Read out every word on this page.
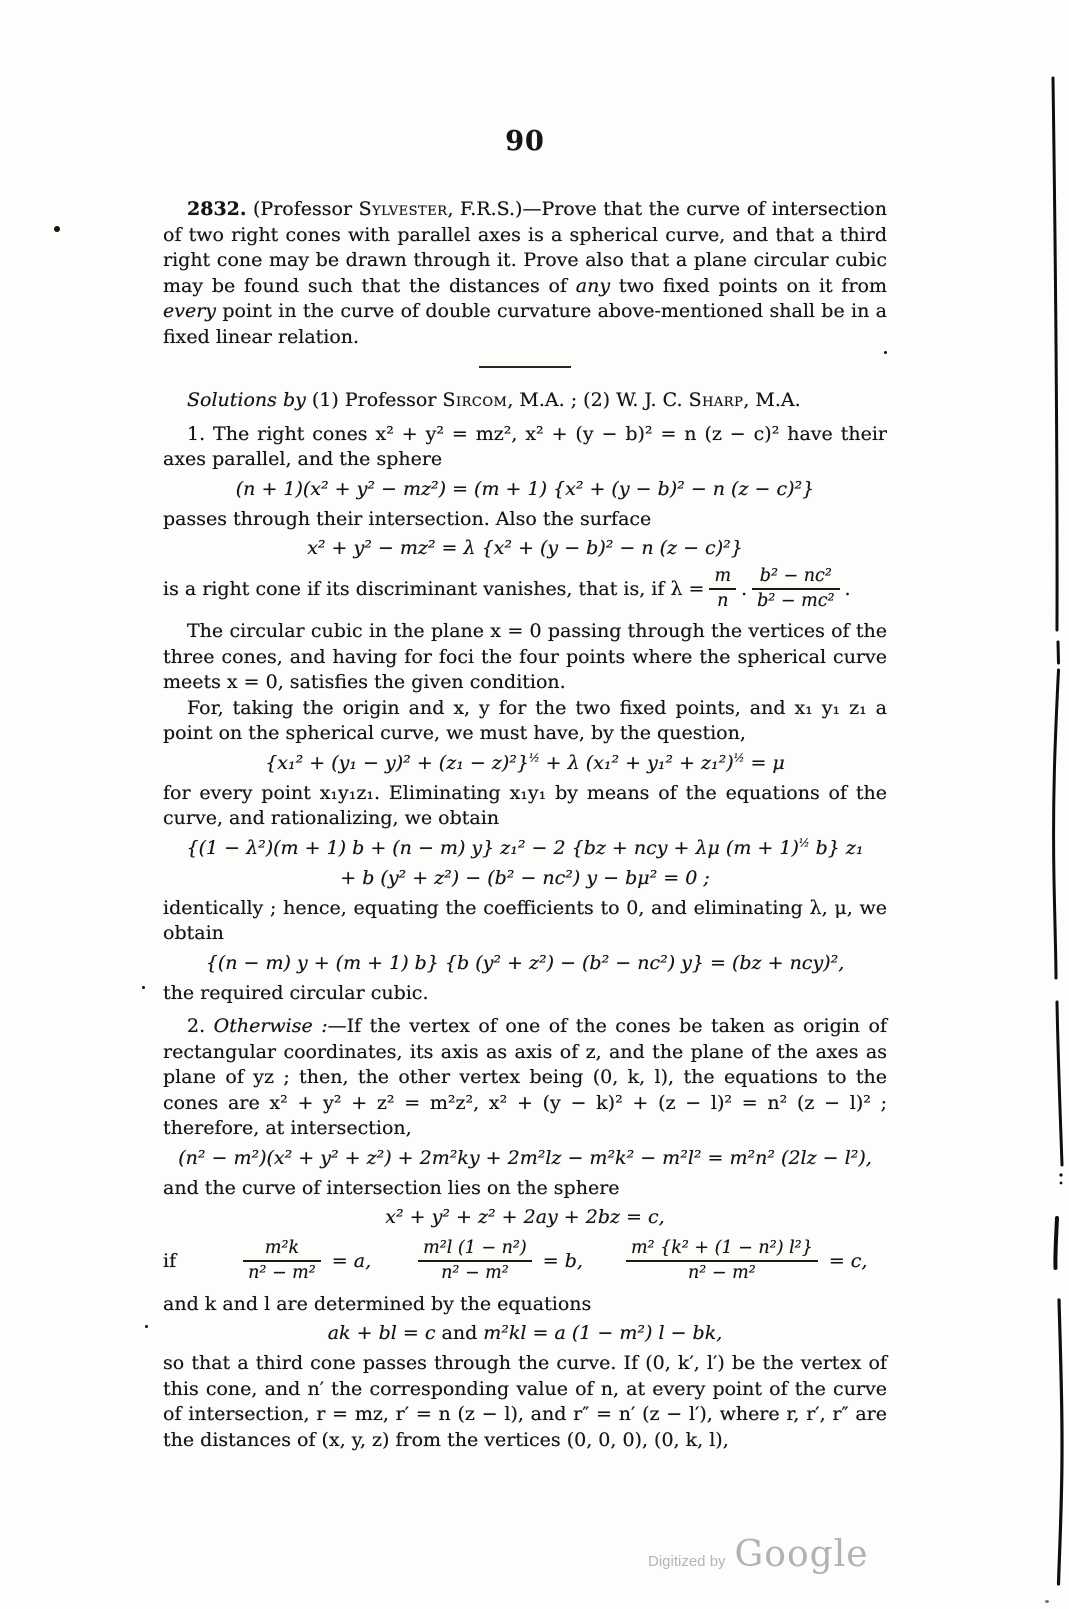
90

2832. (Professor Sylvester, F.R.S.)—Prove that the curve of intersection of two right cones with parallel axes is a spherical curve, and that a third right cone may be drawn through it. Prove also that a plane circular cubic may be found such that the distances of any two fixed points on it from every point in the curve of double curvature above-mentioned shall be in a fixed linear relation.

Solutions by (1) Professor Sircom, M.A. ; (2) W. J. C. Sharp, M.A.

1. The right cones x² + y² = mz², x² + (y − b)² = n (z − c)² have their axes parallel, and the sphere

(n + 1)(x² + y² − mz²) = (m + 1) {x² + (y − b)² − n (z − c)²}

passes through their intersection. Also the surface

x² + y² − mz² = λ {x² + (y − b)² − n (z − c)²}
is a right cone if its discriminant vanishes, that is, if $\lambda = \frac{m}{n}$ . $\frac{\text{b² − nc²}}{\text{b² − mc²}}$ .

The circular cubic in the plane x = 0 passing through the vertices of the three cones, and having for foci the four points where the spherical curve meets x = 0, satisfies the given condition.

For, taking the origin and x, y for the two fixed points, and x₁ y₁ z₁ a point on the spherical curve, we must have, by the question,

$\{x_1^2 + (y_1 - y)^2 + (z_1 - z)^2\}^{\frac{1}{2}} + \lambda$ $(x_1^2 + y_1^2 + z_1^2)^{\frac{1}{2}} = \mu$

for every point x₁y₁z₁. Eliminating x₁y₁ by means of the equations of the curve, and rationalizing, we obtain

{(1 − λ²)(m + 1) b + (n − m) y} z₁² − 2 {bz + ncy + λμ $(m + 1)^{\frac{1}{2}}$ b} z₁
+ b (y² + z²) − (b² − nc²) y − bμ² = 0 ;

identically ; hence, equating the coefficients to 0, and eliminating λ, μ, we obtain

{(n − m) y + (m + 1) b} {b (y² + z²) − (b² − nc²) y} = (bz + ncy)²,

the required circular cubic.

2. Otherwise :—If the vertex of one of the cones be taken as origin of rectangular coordinates, its axis as axis of z, and the plane of the axes as plane of yz ; then, the other vertex being (0, k, l), the equations to the cones are x² + y² + z² = m²z², x² + (y − k)² + (z − l)² = n² (z − l)² ; therefore, at intersection,

(n² − m²)(x² + y² + z²) + 2m²ky + 2m²lz − m²k² − m²l² = m²n² (2lz − l²),

and the curve of intersection lies on the sphere

x² + y² + z² + 2ay + 2bz = c,
if	$\frac{\text{m²k}}{\text{n² − m²}} = a$,	$\frac{\text{m²l (1 − n²)}}{\text{n² − m²}} = b$, $\frac{\text{m² \{k² + (1 − n²) l²\}}}{\text{n² − m²}} = c$,

and k and l are determined by the equations

ak + bl = c and m²kl = a (1 − m²) l − bk,

so that a third cone passes through the curve. If (0, k′, l′) be the vertex of this cone, and n′ the corresponding value of n, at every point of the curve of intersection, r = mz, r′ = n (z − l), and r″ = n′ (z − l′), where r, r′, r″ are the distances of (x, y, z) from the vertices (0, 0, 0), (0, k, l),

Digitized by Google
